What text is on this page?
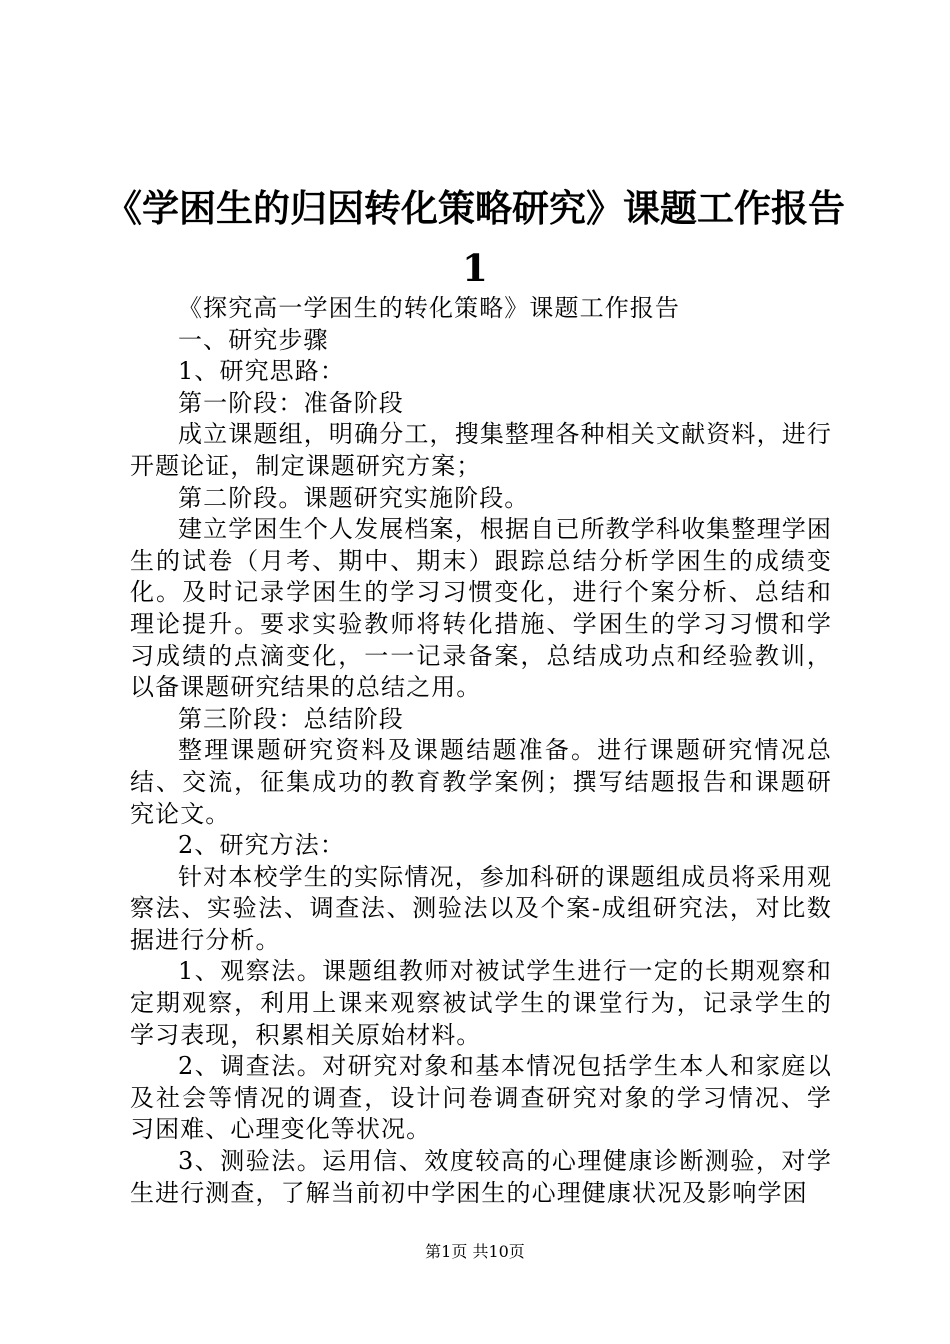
《学困生的归因转化策略研究》课题工作报告
1

《探究高一学困生的转化策略》课题工作报告

一、研究步骤

1、研究思路：

第一阶段：准备阶段

成立课题组，明确分工，搜集整理各种相关文献资料，进行开题论证，制定课题研究方案；

第二阶段。课题研究实施阶段。

建立学困生个人发展档案，根据自已所教学科收集整理学困生的试卷（月考、期中、期末）跟踪总结分析学困生的成绩变化。及时记录学困生的学习习惯变化，进行个案分析、总结和理论提升。要求实验教师将转化措施、学困生的学习习惯和学习成绩的点滴变化，一一记录备案，总结成功点和经验教训，以备课题研究结果的总结之用。

第三阶段：总结阶段

整理课题研究资料及课题结题准备。进行课题研究情况总结、交流，征集成功的教育教学案例；撰写结题报告和课题研究论文。

2、研究方法：

针对本校学生的实际情况，参加科研的课题组成员将采用观察法、实验法、调查法、测验法以及个案-成组研究法，对比数据进行分析。

1、观察法。课题组教师对被试学生进行一定的长期观察和定期观察，利用上课来观察被试学生的课堂行为，记录学生的学习表现，积累相关原始材料。

2、调查法。对研究对象和基本情况包括学生本人和家庭以及社会等情况的调查，设计问卷调查研究对象的学习情况、学习困难、心理变化等状况。

3、测验法。运用信、效度较高的心理健康诊断测验，对学生进行测查，了解当前初中学困生的心理健康状况及影响学困

第1页 共10页
